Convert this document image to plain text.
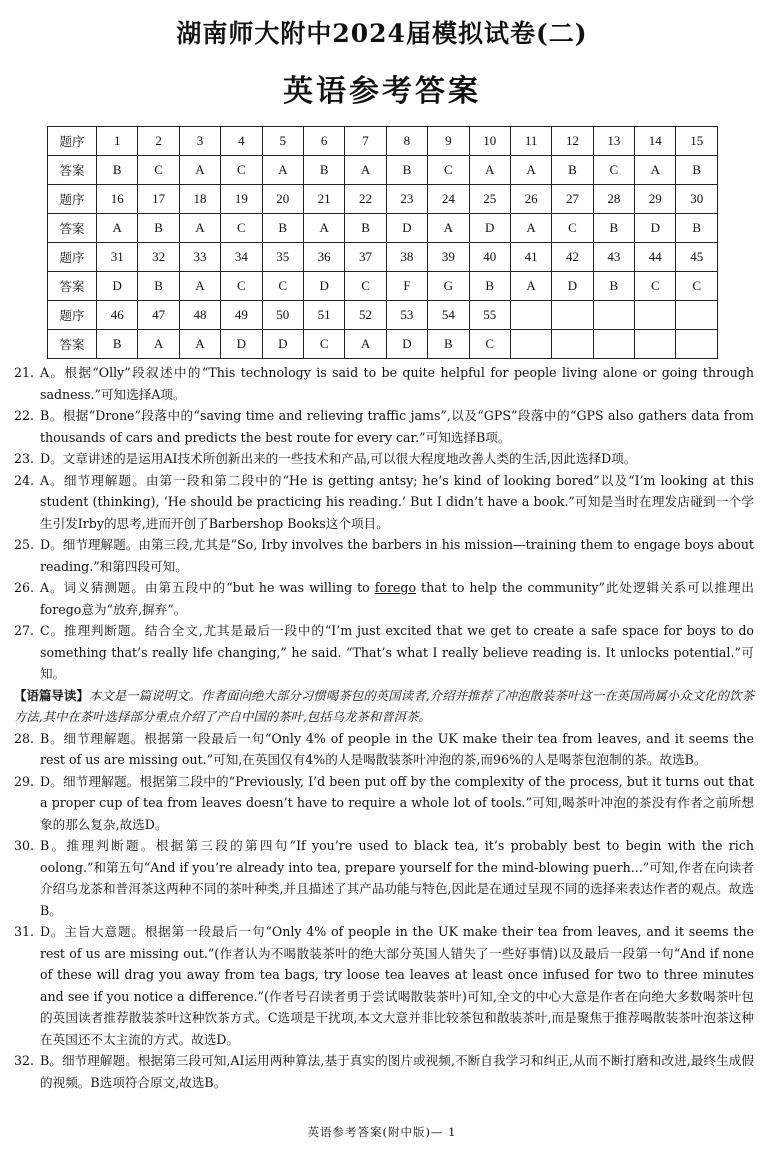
湖南师大附中2024届模拟试卷(二)
英语参考答案
题序	1	2	3	4	5	6	7	8	9	10	11	12	13	14	15
答案	B	C	A	C	A	B	A	B	C	A	A	B	C	A	B
题序	16	17	18	19	20	21	22	23	24	25	26	27	28	29	30
答案	A	B	A	C	B	A	B	D	A	D	A	C	B	D	B
题序	31	32	33	34	35	36	37	38	39	40	41	42	43	44	45
答案	D	B	A	C	C	D	C	F	G	B	A	D	B	C	C
题序	46	47	48	49	50	51	52	53	54	55					
答案	B	A	A	D	D	C	A	D	B	C					
21. A。根据“Olly”段叙述中的“This technology is said to be quite helpful for people living alone or going through sadness.”可知选择A项。
22. B。根据“Drone”段落中的“saving time and relieving traffic jams”,以及“GPS”段落中的“GPS also gathers data from thousands of cars and predicts the best route for every car.”可知选择B项。
23. D。文章讲述的是运用AI技术所创新出来的一些技术和产品,可以很大程度地改善人类的生活,因此选择D项。
24. A。细节理解题。由第一段和第二段中的“He is getting antsy; he’s kind of looking bored”以及“I’m looking at this student (thinking), ‘He should be practicing his reading.’ But I didn’t have a book.”可知是当时在理发店碰到一个学生引发Irby的思考,进而开创了Barbershop Books这个项目。
25. D。细节理解题。由第三段,尤其是“So, Irby involves the barbers in his mission—training them to engage boys about reading.”和第四段可知。
26. A。词义猜测题。由第五段中的“but he was willing to forego that to help the community”此处逻辑关系可以推理出forego意为“放弃,摒弃”。
27. C。推理判断题。结合全文,尤其是最后一段中的“I’m just excited that we get to create a safe space for boys to do something that’s really life changing,” he said. “That’s what I really believe reading is. It unlocks potential.”可知。
【语篇导读】本文是一篇说明文。作者面向绝大部分习惯喝茶包的英国读者,介绍并推荐了冲泡散装茶叶这一在英国尚属小众文化的饮茶方法,其中在茶叶选择部分重点介绍了产自中国的茶叶,包括乌龙茶和普洱茶。
28. B。细节理解题。根据第一段最后一句“Only 4% of people in the UK make their tea from leaves, and it seems the rest of us are missing out.”可知,在英国仅有4%的人是喝散装茶叶冲泡的茶,而96%的人是喝茶包泡制的茶。故选B。
29. D。细节理解题。根据第二段中的“Previously, I’d been put off by the complexity of the process, but it turns out that a proper cup of tea from leaves doesn’t have to require a whole lot of tools.”可知,喝茶叶冲泡的茶没有作者之前所想象的那么复杂,故选D。
30. B。推理判断题。根据第三段的第四句“If you’re used to black tea, it’s probably best to begin with the rich oolong.”和第五句“And if you’re already into tea, prepare yourself for the mind-blowing puerh...”可知,作者在向读者介绍乌龙茶和普洱茶这两种不同的茶叶种类,并且描述了其产品功能与特色,因此是在通过呈现不同的选择来表达作者的观点。故选B。
31. D。主旨大意题。根据第一段最后一句“Only 4% of people in the UK make their tea from leaves, and it seems the rest of us are missing out.”(作者认为不喝散装茶叶的绝大部分英国人错失了一些好事情)以及最后一段第一句“And if none of these will drag you away from tea bags, try loose tea leaves at least once infused for two to three minutes and see if you notice a difference.”(作者号召读者勇于尝试喝散装茶叶)可知,全文的中心大意是作者在向绝大多数喝茶叶包的英国读者推荐散装茶叶这种饮茶方式。C选项是干扰项,本文大意并非比较茶包和散装茶叶,而是聚焦于推荐喝散装茶叶泡茶这种在英国还不太主流的方式。故选D。
32. B。细节理解题。根据第三段可知,AI运用两种算法,基于真实的图片或视频,不断自我学习和纠正,从而不断打磨和改进,最终生成假的视频。B选项符合原文,故选B。
英语参考答案(附中版)— 1
